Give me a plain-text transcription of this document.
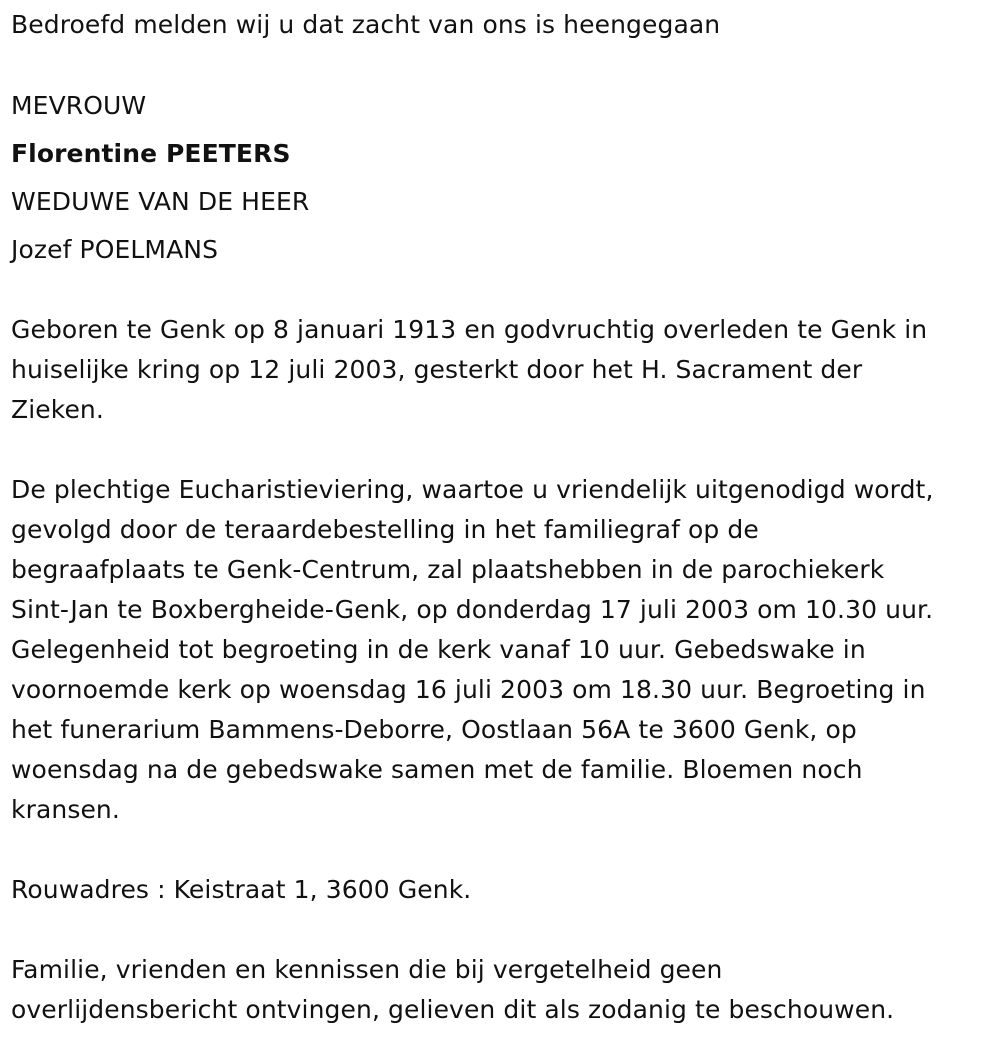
Bedroefd melden wij u dat zacht van ons is heengegaan
MEVROUW
Florentine PEETERS
WEDUWE VAN DE HEER
Jozef POELMANS
Geboren te Genk op 8 januari 1913 en godvruchtig overleden te Genk in
huiselijke kring op 12 juli 2003, gesterkt door het H. Sacrament der
Zieken.
De plechtige Eucharistieviering, waartoe u vriendelijk uitgenodigd wordt,
gevolgd door de teraardebestelling in het familiegraf op de
begraafplaats te Genk-Centrum, zal plaatshebben in de parochiekerk
Sint-Jan te Boxbergheide-Genk, op donderdag 17 juli 2003 om 10.30 uur.
Gelegenheid tot begroeting in de kerk vanaf 10 uur. Gebedswake in
voornoemde kerk op woensdag 16 juli 2003 om 18.30 uur. Begroeting in
het funerarium Bammens-Deborre, Oostlaan 56A te 3600 Genk, op
woensdag na de gebedswake samen met de familie. Bloemen noch
kransen.
Rouwadres : Keistraat 1, 3600 Genk.
Familie, vrienden en kennissen die bij vergetelheid geen
overlijdensbericht ontvingen, gelieven dit als zodanig te beschouwen.
